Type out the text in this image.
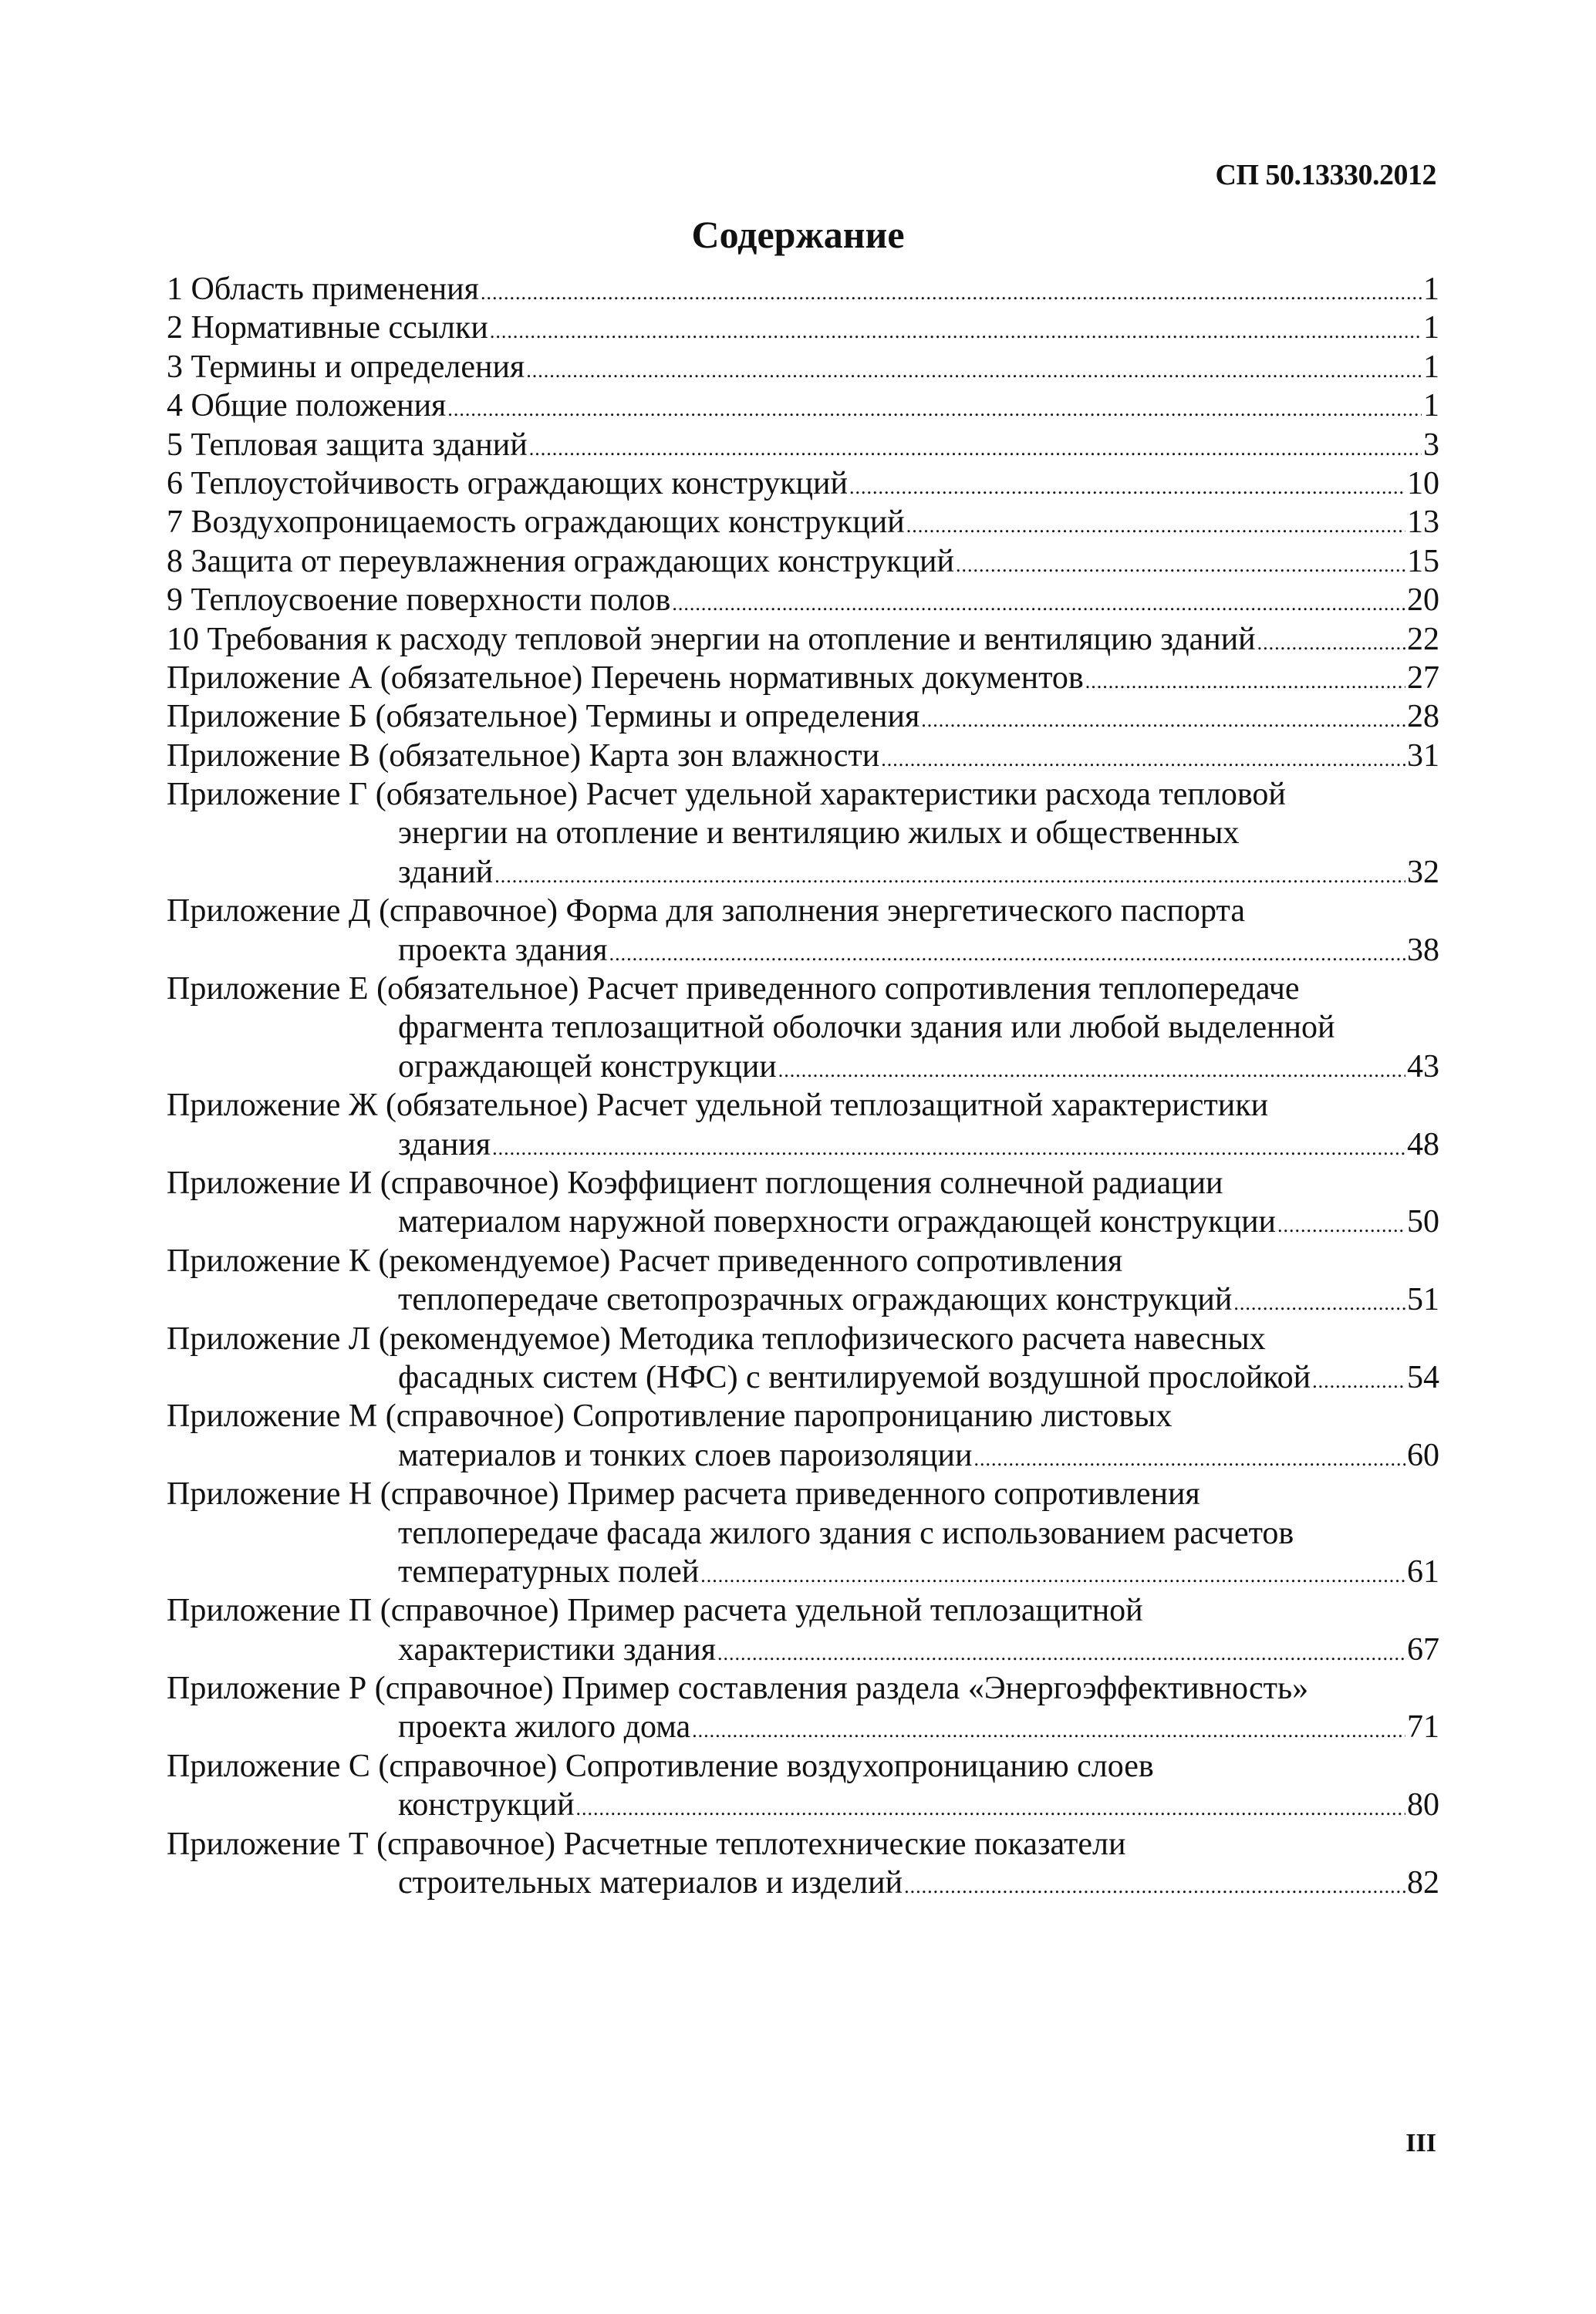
СП 50.13330.2012
Содержание
1 Область применения .....	1
2 Нормативные ссылки .....	1
3 Термины и определения .....	1
4 Общие положения .....	1
5 Тепловая защита зданий .....	3
6 Теплоустойчивость ограждающих конструкций .....	10
7 Воздухопроницаемость ограждающих конструкций .....	13
8 Защита от переувлажнения ограждающих конструкций .....	15
9 Теплоусвоение поверхности полов .....	20
10 Требования к расходу тепловой энергии на отопление и вентиляцию зданий .....	22
Приложение А (обязательное) Перечень нормативных документов .....	27
Приложение Б (обязательное) Термины и определения .....	28
Приложение В (обязательное) Карта зон влажности .....	31
Приложение Г (обязательное) Расчет удельной характеристики расхода тепловой
энергии на отопление и вентиляцию жилых и общественных
зданий .....	32
Приложение Д (справочное) Форма для заполнения энергетического паспорта
проекта здания .....	38
Приложение Е (обязательное) Расчет приведенного сопротивления теплопередаче
фрагмента теплозащитной оболочки здания или любой выделенной
ограждающей конструкции .....	43
Приложение Ж (обязательное) Расчет удельной теплозащитной характеристики
здания .....	48
Приложение И (справочное) Коэффициент поглощения солнечной радиации
материалом наружной поверхности ограждающей конструкции .....	50
Приложение К (рекомендуемое) Расчет приведенного сопротивления
теплопередаче светопрозрачных ограждающих конструкций .....	51
Приложение Л (рекомендуемое) Методика теплофизического расчета навесных
фасадных систем (НФС) с вентилируемой воздушной прослойкой .....	54
Приложение М (справочное) Сопротивление паропроницанию листовых
материалов и тонких слоев пароизоляции .....	60
Приложение Н (справочное) Пример расчета приведенного сопротивления
теплопередаче фасада жилого здания с использованием расчетов
температурных полей .....	61
Приложение П (справочное) Пример расчета удельной теплозащитной
характеристики здания .....	67
Приложение Р (справочное) Пример составления раздела «Энергоэффективность»
проекта жилого дома .....	71
Приложение С (справочное) Сопротивление воздухопроницанию слоев
конструкций .....	80
Приложение Т (справочное) Расчетные теплотехнические показатели
строительных материалов и изделий .....	82
III
